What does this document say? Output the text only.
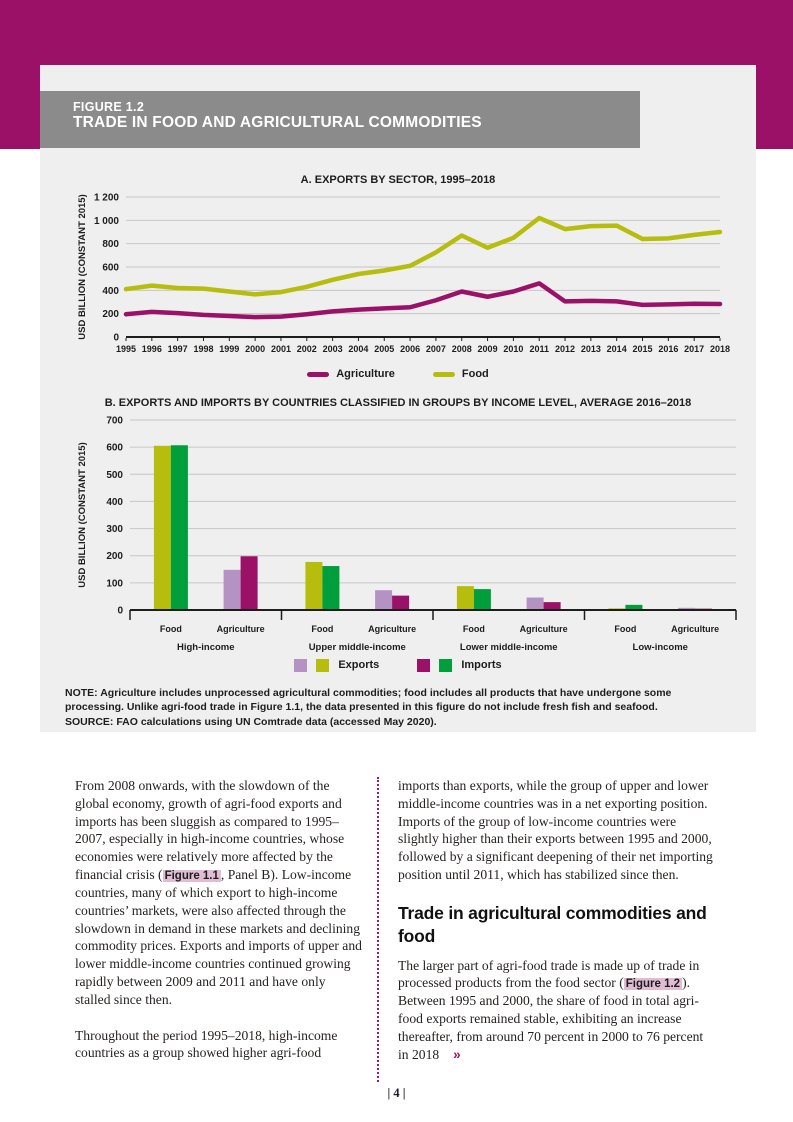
FIGURE 1.2
TRADE IN FOOD AND AGRICULTURAL COMMODITIES
A. EXPORTS BY SECTOR, 1995–2018
0
200
400
600
800
1 000
1 200
1995 1996 1997 1998 1999 2000 2001 2002 2003 2004 2005 2006 2007 2008 2009 2010 2011 2012 2013 2014 2015 2016 2017 2018
USD BILLION (CONSTANT 2015)
Agriculture	Food
B. EXPORTS AND IMPORTS BY COUNTRIES CLASSIFIED IN GROUPS BY INCOME LEVEL, AVERAGE 2016–2018
0
100
200
300
400
500
600
700
USD BILLION (CONSTANT 2015)
Food	Agriculture
High-income
Food	Agriculture
Upper middle-income
Food	Agriculture
Lower middle-income
Food	Agriculture
Low-income
Exports	Imports

NOTE: Agriculture includes unprocessed agricultural commodities; food includes all products that have undergone some processing. Unlike agri-food trade in Figure 1.1, the data presented in this figure do not include fresh fish and seafood.

SOURCE: FAO calculations using UN Comtrade data (accessed May 2020).

From 2008 onwards, with the slowdown of the global economy, growth of agri-food exports and imports has been sluggish as compared to 1995–2007, especially in high-income countries, whose economies were relatively more affected by the financial crisis ( Figure 1.1 , Panel B). Low-income countries, many of which export to high-income countries’ markets, were also affected through the slowdown in demand in these markets and declining commodity prices. Exports and imports of upper and lower middle-income countries continued growing rapidly between 2009 and 2011 and have only stalled since then.

Throughout the period 1995–2018, high-income countries as a group showed higher agri-food

imports than exports, while the group of upper and lower middle-income countries was in a net exporting position. Imports of the group of low-income countries were slightly higher than their exports between 1995 and 2000, followed by a significant deepening of their net importing position until 2011, which has stabilized since then.

Trade in agricultural commodities and food

The larger part of agri-food trade is made up of trade in processed products from the food sector ( Figure 1.2 ). Between 1995 and 2000, the share of food in total agri-food exports remained stable, exhibiting an increase thereafter, from around 70 percent in 2000 to 76 percent in 2018 »

| 4 |
